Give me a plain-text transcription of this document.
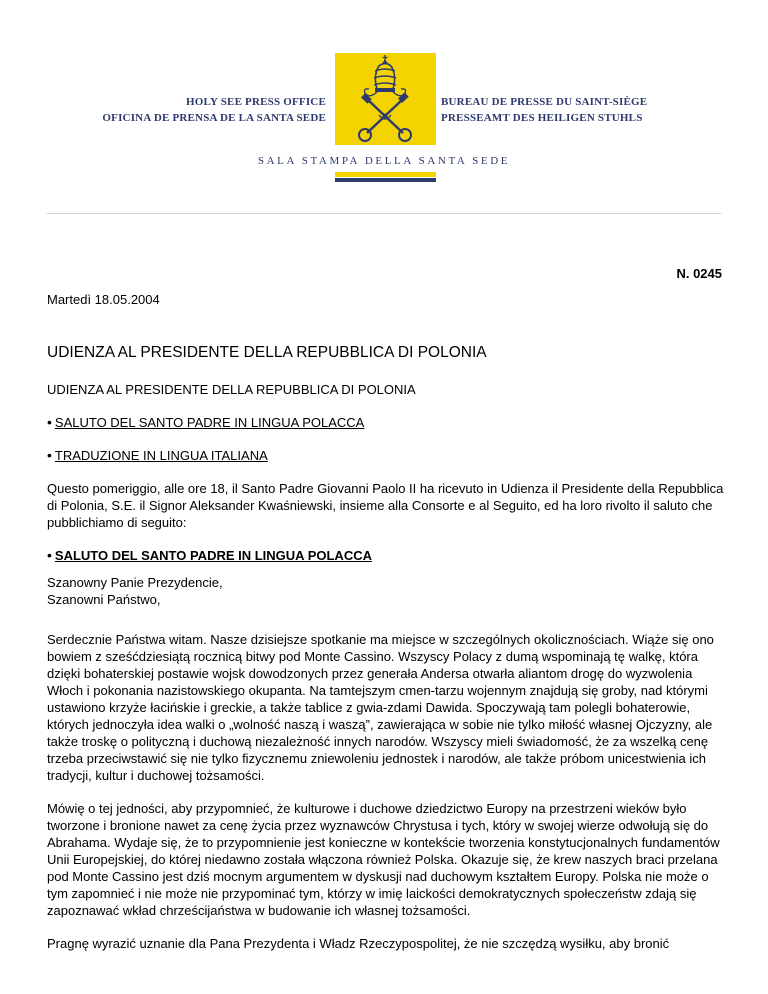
HOLY SEE PRESS OFFICE
OFICINA DE PRENSA DE LA SANTA SEDE
BUREAU DE PRESSE DU SAINT-SIÈGE
PRESSEAMT DES HEILIGEN STUHLS
SALA STAMPA DELLA SANTA SEDE
N. 0245
Martedì 18.05.2004
UDIENZA AL PRESIDENTE DELLA REPUBBLICA DI POLONIA

UDIENZA AL PRESIDENTE DELLA REPUBBLICA DI POLONIA

• SALUTO DEL SANTO PADRE IN LINGUA POLACCA

• TRADUZIONE IN LINGUA ITALIANA

Questo pomeriggio, alle ore 18, il Santo Padre Giovanni Paolo II ha ricevuto in Udienza il Presidente della Repubblica di Polonia, S.E. il Signor Aleksander Kwaśniewski, insieme alla Consorte e al Seguito, ed ha loro rivolto il saluto che pubblichiamo di seguito:

• SALUTO DEL SANTO PADRE IN LINGUA POLACCA

Szanowny Panie Prezydencie,
Szanowni Państwo,

Serdecznie Państwa witam. Nasze dzisiejsze spotkanie ma miejsce w szczególnych okolicznościach. Wiąże się ono bowiem z sześćdziesiątą rocznicą bitwy pod Monte Cassino. Wszyscy Polacy z dumą wspominają tę walkę, która dzięki bohaterskiej postawie wojsk dowodzonych przez generała Andersa otwarła aliantom drogę do wyzwolenia Włoch i pokonania nazistowskiego okupanta. Na tamtejszym cmen-tarzu wojennym znajdują się groby, nad którymi ustawiono krzyże łacińskie i greckie, a także tablice z gwia-zdami Dawida. Spoczywają tam polegli bohaterowie, których jednoczyła idea walki o „wolność naszą i waszą”, zawierająca w sobie nie tylko miłość własnej Ojczyzny, ale także troskę o polityczną i duchową niezależność innych narodów. Wszyscy mieli świadomość, że za wszelką cenę trzeba przeciwstawić się nie tylko fizycznemu zniewoleniu jednostek i narodów, ale także próbom unicestwienia ich tradycji, kultur i duchowej tożsamości.

Mówię o tej jedności, aby przypomnieć, że kulturowe i duchowe dziedzictwo Europy na przestrzeni wieków było tworzone i bronione nawet za cenę życia przez wyznawców Chrystusa i tych, który w swojej wierze odwołują się do Abrahama. Wydaje się, że to przypomnienie jest konieczne w kontekście tworzenia konstytucjonalnych fundamentów Unii Europejskiej, do której niedawno została włączona również Polska. Okazuje się, że krew naszych braci przelana pod Monte Cassino jest dziś mocnym argumentem w dyskusji nad duchowym kształtem Europy. Polska nie może o tym zapomnieć i nie może nie przypominać tym, którzy w imię laickości demokratycznych społeczeństw zdają się zapoznawać wkład chrześcijaństwa w budowanie ich własnej tożsamości.

Pragnę wyrazić uznanie dla Pana Prezydenta i Władz Rzeczypospolitej, że nie szczędzą wysiłku, aby bronić
